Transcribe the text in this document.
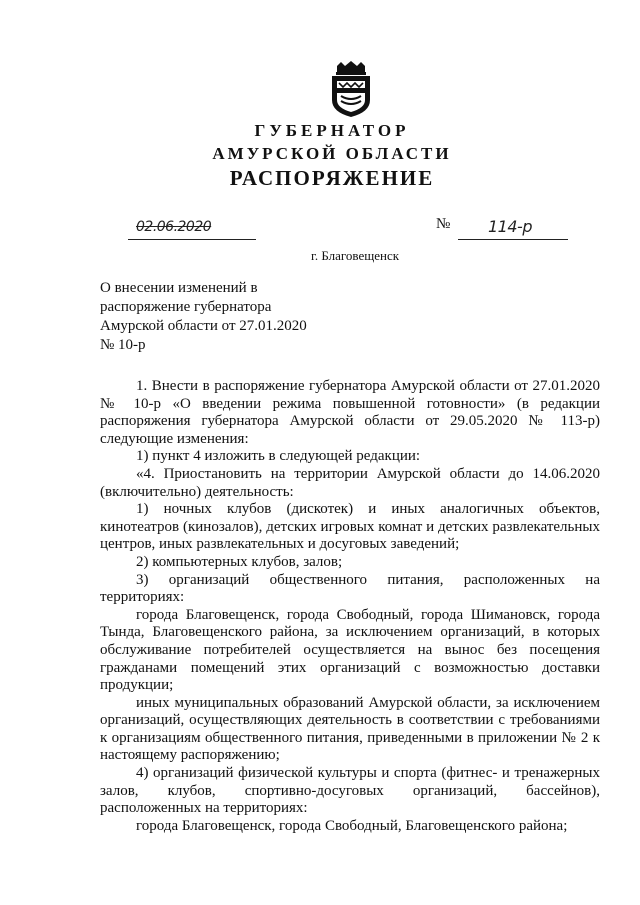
ГУБЕРНАТОР
АМУРСКОЙ ОБЛАСТИ
РАСПОРЯЖЕНИЕ
02.06.2020	№ 114-р
г. Благовещенск
О внесении изменений в
распоряжение губернатора
Амурской области от 27.01.2020
№ 10-р

1. Внести в распоряжение губернатора Амурской области от 27.01.2020 № 10-р «О введении режима повышенной готовности» (в редакции распоряжения губернатора Амурской области от 29.05.2020 № 113-р) следующие изменения:

1) пункт 4 изложить в следующей редакции:

«4. Приостановить на территории Амурской области до 14.06.2020 (включительно) деятельность:

1) ночных клубов (дискотек) и иных аналогичных объектов, кинотеатров (кинозалов), детских игровых комнат и детских развлекательных центров, иных развлекательных и досуговых заведений;

2) компьютерных клубов, залов;

3) организаций общественного питания, расположенных на территориях:

города Благовещенск, города Свободный, города Шимановск, города Тында, Благовещенского района, за исключением организаций, в которых обслуживание потребителей осуществляется на вынос без посещения гражданами помещений этих организаций с возможностью доставки продукции;

иных муниципальных образований Амурской области, за исключением организаций, осуществляющих деятельность в соответствии с требованиями к организациям общественного питания, приведенными в приложении № 2 к настоящему распоряжению;

4) организаций физической культуры и спорта (фитнес- и тренажерных залов, клубов, спортивно-досуговых организаций, бассейнов), расположенных на территориях:

города Благовещенск, города Свободный, Благовещенского района;
